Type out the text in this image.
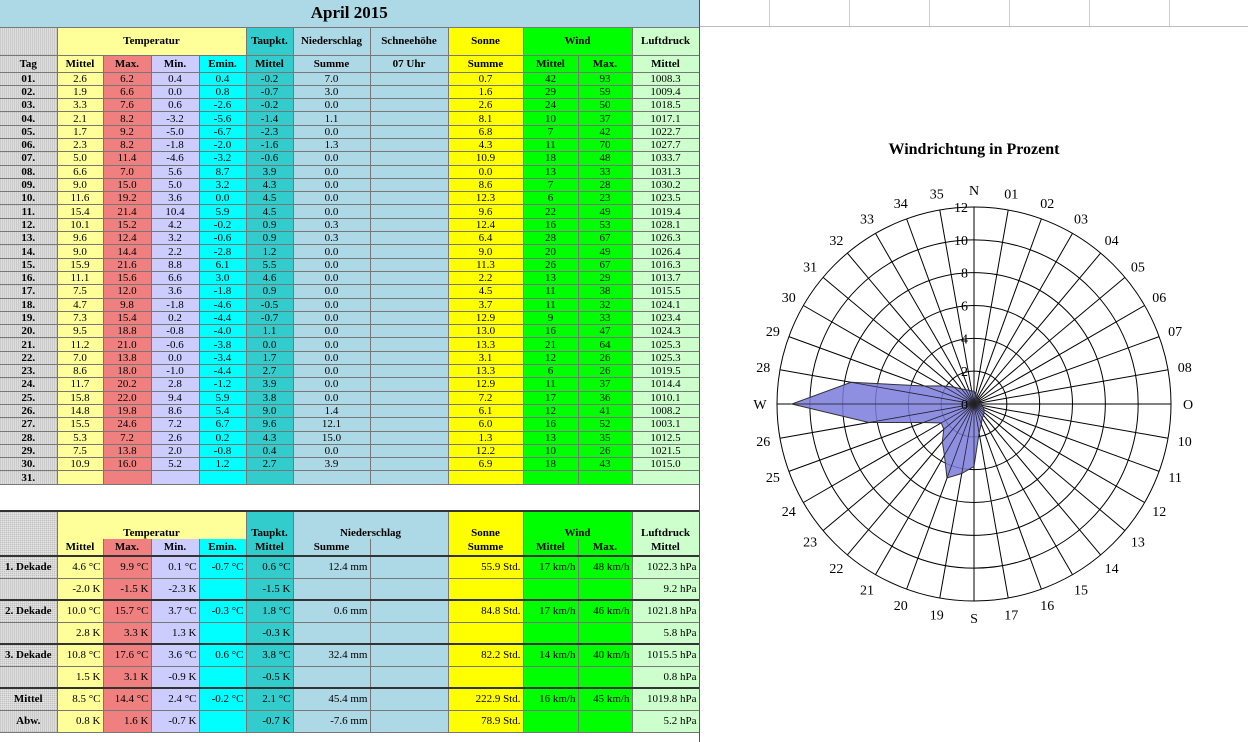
April 2015											
	Temperatur				Taupkt.	Niederschlag	Schneehöhe	Sonne	Wind		Luftdruck
Tag	Mittel	Max.	Min.	Emin.	Mittel	Summe	07 Uhr	Summe	Mittel	Max.	Mittel
01.	2.6	6.2	0.4	0.4	-0.2	7.0		0.7	42	93	1008.3
02.	1.9	6.6	0.0	0.8	-0.7	3.0		1.6	29	59	1009.4
03.	3.3	7.6	0.6	-2.6	-0.2	0.0		2.6	24	50	1018.5
04.	2.1	8.2	-3.2	-5.6	-1.4	1.1		8.1	10	37	1017.1
05.	1.7	9.2	-5.0	-6.7	-2.3	0.0		6.8	7	42	1022.7
06.	2.3	8.2	-1.8	-2.0	-1.6	1.3		4.3	11	70	1027.7
07.	5.0	11.4	-4.6	-3.2	-0.6	0.0		10.9	18	48	1033.7
08.	6.6	7.0	5.6	8.7	3.9	0.0		0.0	13	33	1031.3
09.	9.0	15.0	5.0	3.2	4.3	0.0		8.6	7	28	1030.2
10.	11.6	19.2	3.6	0.0	4.5	0.0		12.3	6	23	1023.5
11.	15.4	21.4	10.4	5.9	4.5	0.0		9.6	22	49	1019.4
12.	10.1	15.2	4.2	-0.2	0.9	0.3		12.4	16	53	1028.1
13.	9.6	12.4	3.2	-0.6	0.9	0.3		6.4	28	67	1026.3
14.	9.0	14.4	2.2	-2.8	1.2	0.0		9.0	20	49	1026.4
15.	15.9	21.6	8.8	6.1	5.5	0.0		11.3	26	67	1016.3
16.	11.1	15.6	6.6	3.0	4.6	0.0		2.2	13	29	1013.7
17.	7.5	12.0	3.6	-1.8	0.9	0.0		4.5	11	38	1015.5
18.	4.7	9.8	-1.8	-4.6	-0.5	0.0		3.7	11	32	1024.1
19.	7.3	15.4	0.2	-4.4	-0.7	0.0		12.9	9	33	1023.4
20.	9.5	18.8	-0.8	-4.0	1.1	0.0		13.0	16	47	1024.3
21.	11.2	21.0	-0.6	-3.8	0.0	0.0		13.3	21	64	1025.3
22.	7.0	13.8	0.0	-3.4	1.7	0.0		3.1	12	26	1025.3
23.	8.6	18.0	-1.0	-4.4	2.7	0.0		13.3	6	26	1019.5
24.	11.7	20.2	2.8	-1.2	3.9	0.0		12.9	11	37	1014.4
25.	15.8	22.0	9.4	5.9	3.8	0.0		7.2	17	36	1010.1
26.	14.8	19.8	8.6	5.4	9.0	1.4		6.1	12	41	1008.2
27.	15.5	24.6	7.2	6.7	9.6	12.1		6.0	16	52	1003.1
28.	5.3	7.2	2.6	0.2	4.3	15.0		1.3	13	35	1012.5
29.	7.5	13.8	2.0	-0.8	0.4	0.0		12.2	10	26	1021.5
30.	10.9	16.0	5.2	1.2	2.7	3.9		6.9	18	43	1015.0
31.											

	Temperatur				Taupkt.	Niederschlag		Sonne	Wind		Luftdruck
	Mittel	Max.	Min.	Emin.	Mittel	Summe		Summe	Mittel	Max.	Mittel
1. Dekade	4.6 °C	9.9 °C	0.1 °C	-0.7 °C	0.6 °C	12.4 mm		55.9 Std.	17 km/h	48 km/h	1022.3 hPa
	-2.0 K	-1.5 K	-2.3 K		-1.5 K						9.2 hPa
2. Dekade	10.0 °C	15.7 °C	3.7 °C	-0.3 °C	1.8 °C	0.6 mm		84.8 Std.	17 km/h	46 km/h	1021.8 hPa
	2.8 K	3.3 K	1.3 K		-0.3 K						5.8 hPa
3. Dekade	10.8 °C	17.6 °C	3.6 °C	0.6 °C	3.8 °C	32.4 mm		82.2 Std.	14 km/h	40 km/h	1015.5 hPa
	1.5 K	3.1 K	-0.9 K		-0.5 K						0.8 hPa
Mittel	8.5 °C	14.4 °C	2.4 °C	-0.2 °C	2.1 °C	45.4 mm		222.9 Std.	16 km/h	45 km/h	1019.8 hPa
Abw.	0.8 K	1.6 K	-0.7 K		-0.7 K	-7.6 mm		78.9 Std.			5.2 hPa
Windrichtung in Prozent
0
2
4
6
8
10
12
N 01
02
03
04
05
06
07
08
O
10
11
12
13
14
15
16
17
S
19
20
21
22
23
24
25
26
W
28
29
30
31
32
33
34
35
